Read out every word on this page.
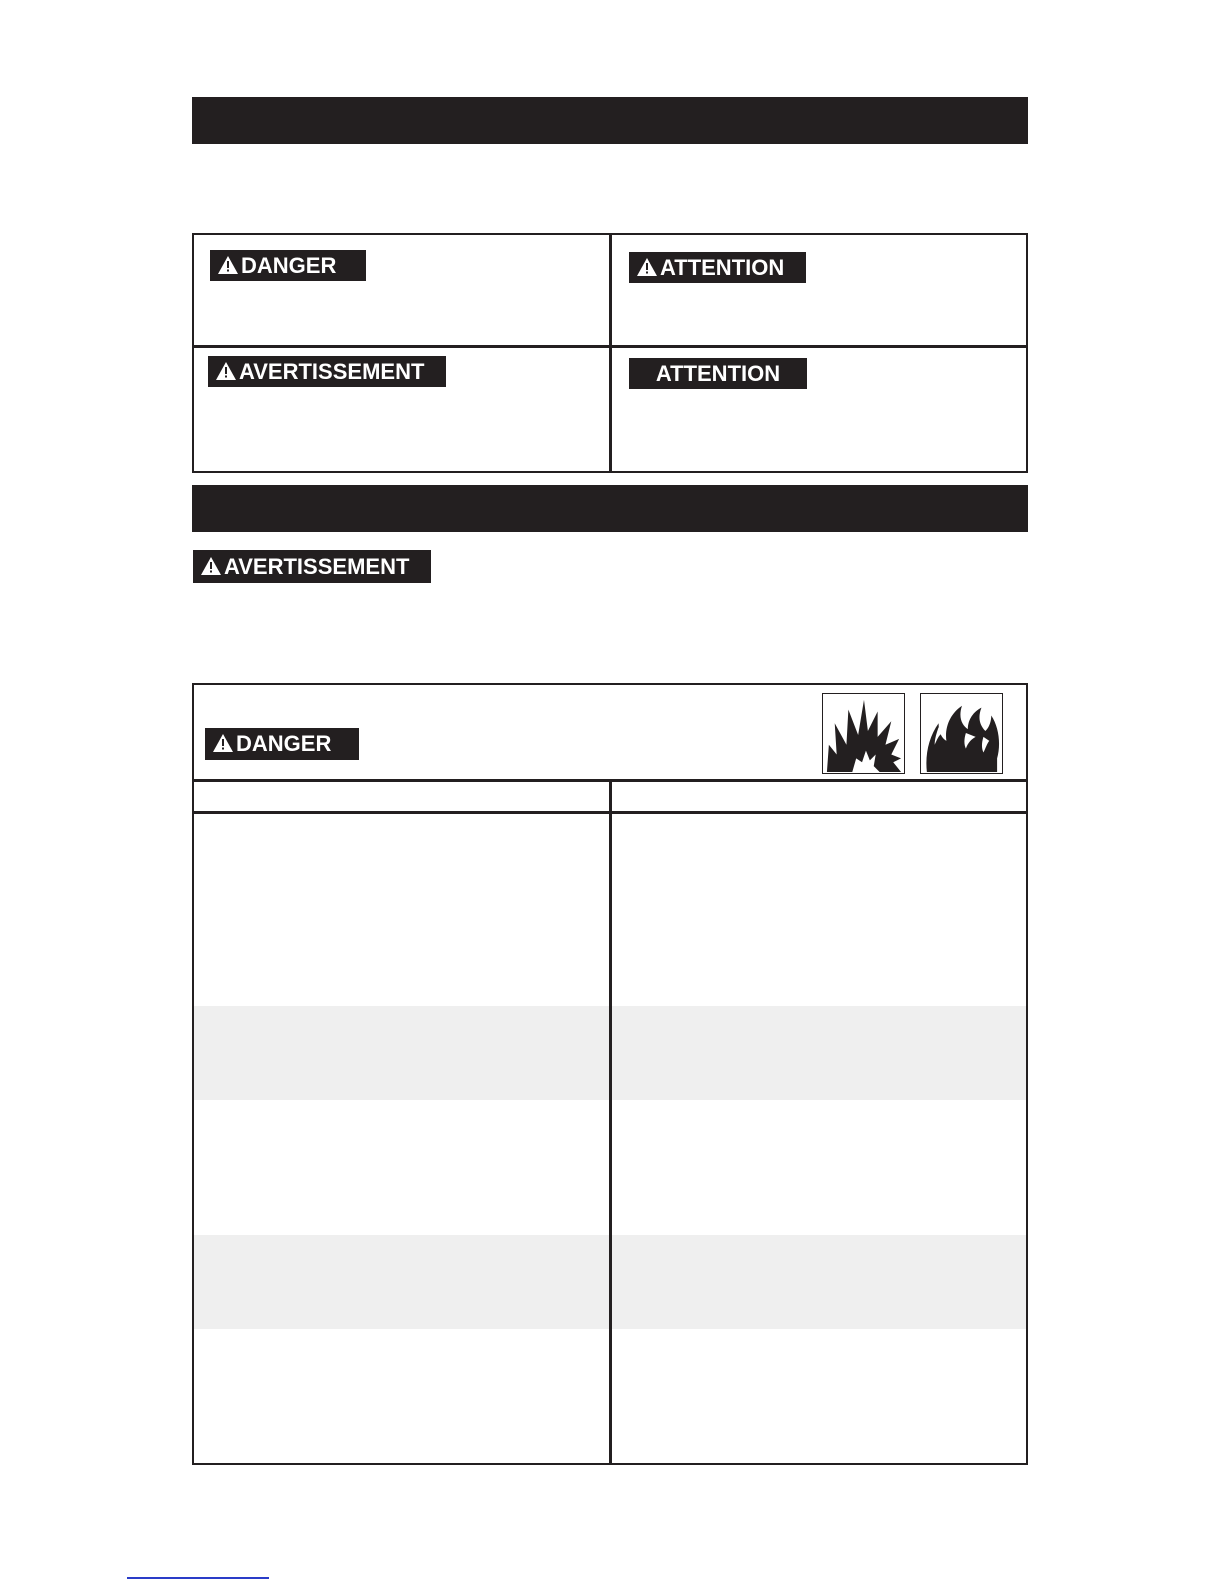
DANGER	ATTENTION
AVERTISSEMENT	ATTENTION
AVERTISSEMENT
DANGER
